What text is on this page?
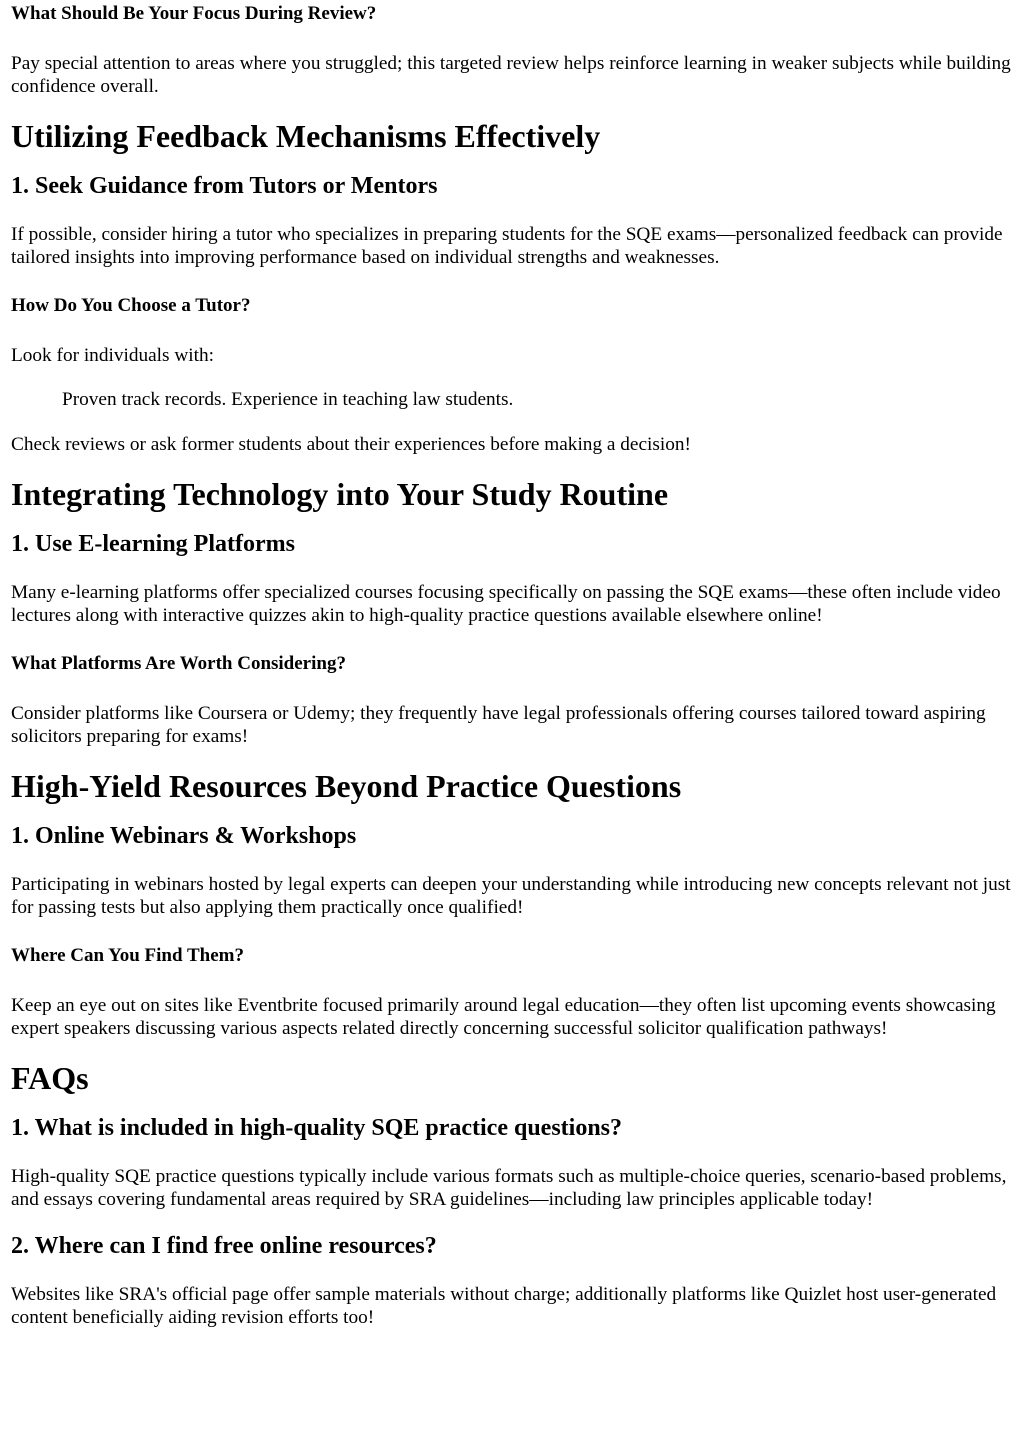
What Should Be Your Focus During Review?

Pay special attention to areas where you struggled; this targeted review helps reinforce learning in weaker subjects while building confidence overall.

Utilizing Feedback Mechanisms Effectively
1. Seek Guidance from Tutors or Mentors

If possible, consider hiring a tutor who specializes in preparing students for the SQE exams—personalized feedback can provide tailored insights into improving performance based on individual strengths and weaknesses.

How Do You Choose a Tutor?

Look for individuals with:

Proven track records. Experience in teaching law students.

Check reviews or ask former students about their experiences before making a decision!

Integrating Technology into Your Study Routine
1. Use E-learning Platforms

Many e-learning platforms offer specialized courses focusing specifically on passing the SQE exams—these often include video lectures along with interactive quizzes akin to high-quality practice questions available elsewhere online!

What Platforms Are Worth Considering?

Consider platforms like Coursera or Udemy; they frequently have legal professionals offering courses tailored toward aspiring solicitors preparing for exams!

High-Yield Resources Beyond Practice Questions
1. Online Webinars & Workshops

Participating in webinars hosted by legal experts can deepen your understanding while introducing new concepts relevant not just for passing tests but also applying them practically once qualified!

Where Can You Find Them?

Keep an eye out on sites like Eventbrite focused primarily around legal education—they often list upcoming events showcasing expert speakers discussing various aspects related directly concerning successful solicitor qualification pathways!

FAQs
1. What is included in high-quality SQE practice questions?

High-quality SQE practice questions typically include various formats such as multiple-choice queries, scenario-based problems, and essays covering fundamental areas required by SRA guidelines—including law principles applicable today!

2. Where can I find free online resources?

Websites like SRA's official page offer sample materials without charge; additionally platforms like Quizlet host user-generated content beneficially aiding revision efforts too!
